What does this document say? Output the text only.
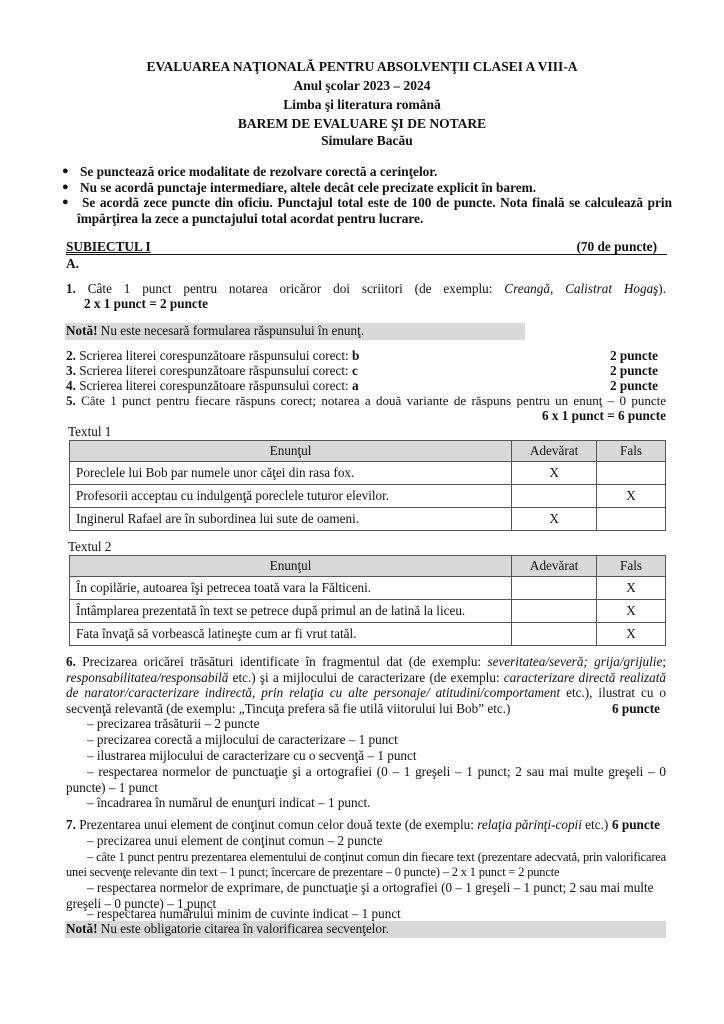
EVALUAREA NAŢIONALĂ PENTRU ABSOLVENŢII CLASEI A VIII-A
Anul şcolar 2023 – 2024
Limba şi literatura română
BAREM DE EVALUARE ŞI DE NOTARE
Simulare Bacău

● Se punctează orice modalitate de rezolvare corectă a cerinţelor.

● Nu se acordă punctaje intermediare, altele decât cele precizate explicit în barem.

● Se acordă zece puncte din oficiu. Punctajul total este de 100 de puncte. Nota finală se calculează prin

împărţirea la zece a punctajului total acordat pentru lucrare.

SUBIECTUL I	(70 de puncte)
A.
1. Câte 1 punct pentru notarea oricăror doi scriitori (de exemplu: Creangă, Calistrat Hogaş).
2 x 1 punct = 2 puncte
Notă! Nu este necesară formularea răspunsului în enunţ.
2. Scrierea literei corespunzătoare răspunsului corect: b	2 puncte
3. Scrierea literei corespunzătoare răspunsului corect: c	2 puncte
4. Scrierea literei corespunzătoare răspunsului corect: a	2 puncte
5. Câte 1 punct pentru fiecare răspuns corect; notarea a două variante de răspuns pentru un enunţ – 0 puncte
6 x 1 punct = 6 puncte
Textul 1
Enunţul	Adevărat	Fals
Poreclele lui Bob par numele unor căţei din rasa fox.	X	
Profesorii acceptau cu indulgenţă poreclele tuturor elevilor.		X
Inginerul Rafael are în subordinea lui sute de oameni.	X	
Textul 2
Enunţul	Adevărat	Fals
În copilărie, autoarea îşi petrecea toată vara la Fălticeni.		X
Întâmplarea prezentată în text se petrece după primul an de latină la liceu.		X
Fata învaţă să vorbească latineşte cum ar fi vrut tatăl.		X
6. Precizarea oricărei trăsături identificate în fragmentul dat (de exemplu: severitatea/severă; grija/grijulie; responsabilitatea/responsabilă etc.) şi a mijlocului de caracterizare (de exemplu: caracterizare directă realizată de narator/caracterizare indirectă, prin relaţia cu alte personaje/ atitudini/comportament etc.), ilustrat cu o secvenţă relevantă (de exemplu: „Tincuţa prefera să fie utilă viitorului lui Bob” etc.)	6 puncte
– precizarea trăsăturii – 2 puncte
– precizarea corectă a mijlocului de caracterizare – 1 punct
– ilustrarea mijlocului de caracterizare cu o secvenţă – 1 punct
– respectarea normelor de punctuaţie şi a ortografiei (0 – 1 greşeli – 1 punct; 2 sau mai multe greşeli – 0 puncte) – 1 punct
– încadrarea în numărul de enunţuri indicat – 1 punct.
7. Prezentarea unui element de conţinut comun celor două texte (de exemplu: relaţia părinţi-copii etc.) 6 puncte
– precizarea unui element de conţinut comun – 2 puncte
– câte 1 punct pentru prezentarea elementului de conţinut comun din fiecare text (prezentare adecvată, prin valorificarea unei secvenţe relevante din text – 1 punct; încercare de prezentare – 0 puncte) – 2 x 1 punct = 2 puncte
– respectarea normelor de exprimare, de punctuaţie şi a ortografiei (0 – 1 greşeli – 1 punct; 2 sau mai multe greşeli – 0 puncte) – 1 punct
– respectarea numărului minim de cuvinte indicat – 1 punct
Notă! Nu este obligatorie citarea în valorificarea secvenţelor.
